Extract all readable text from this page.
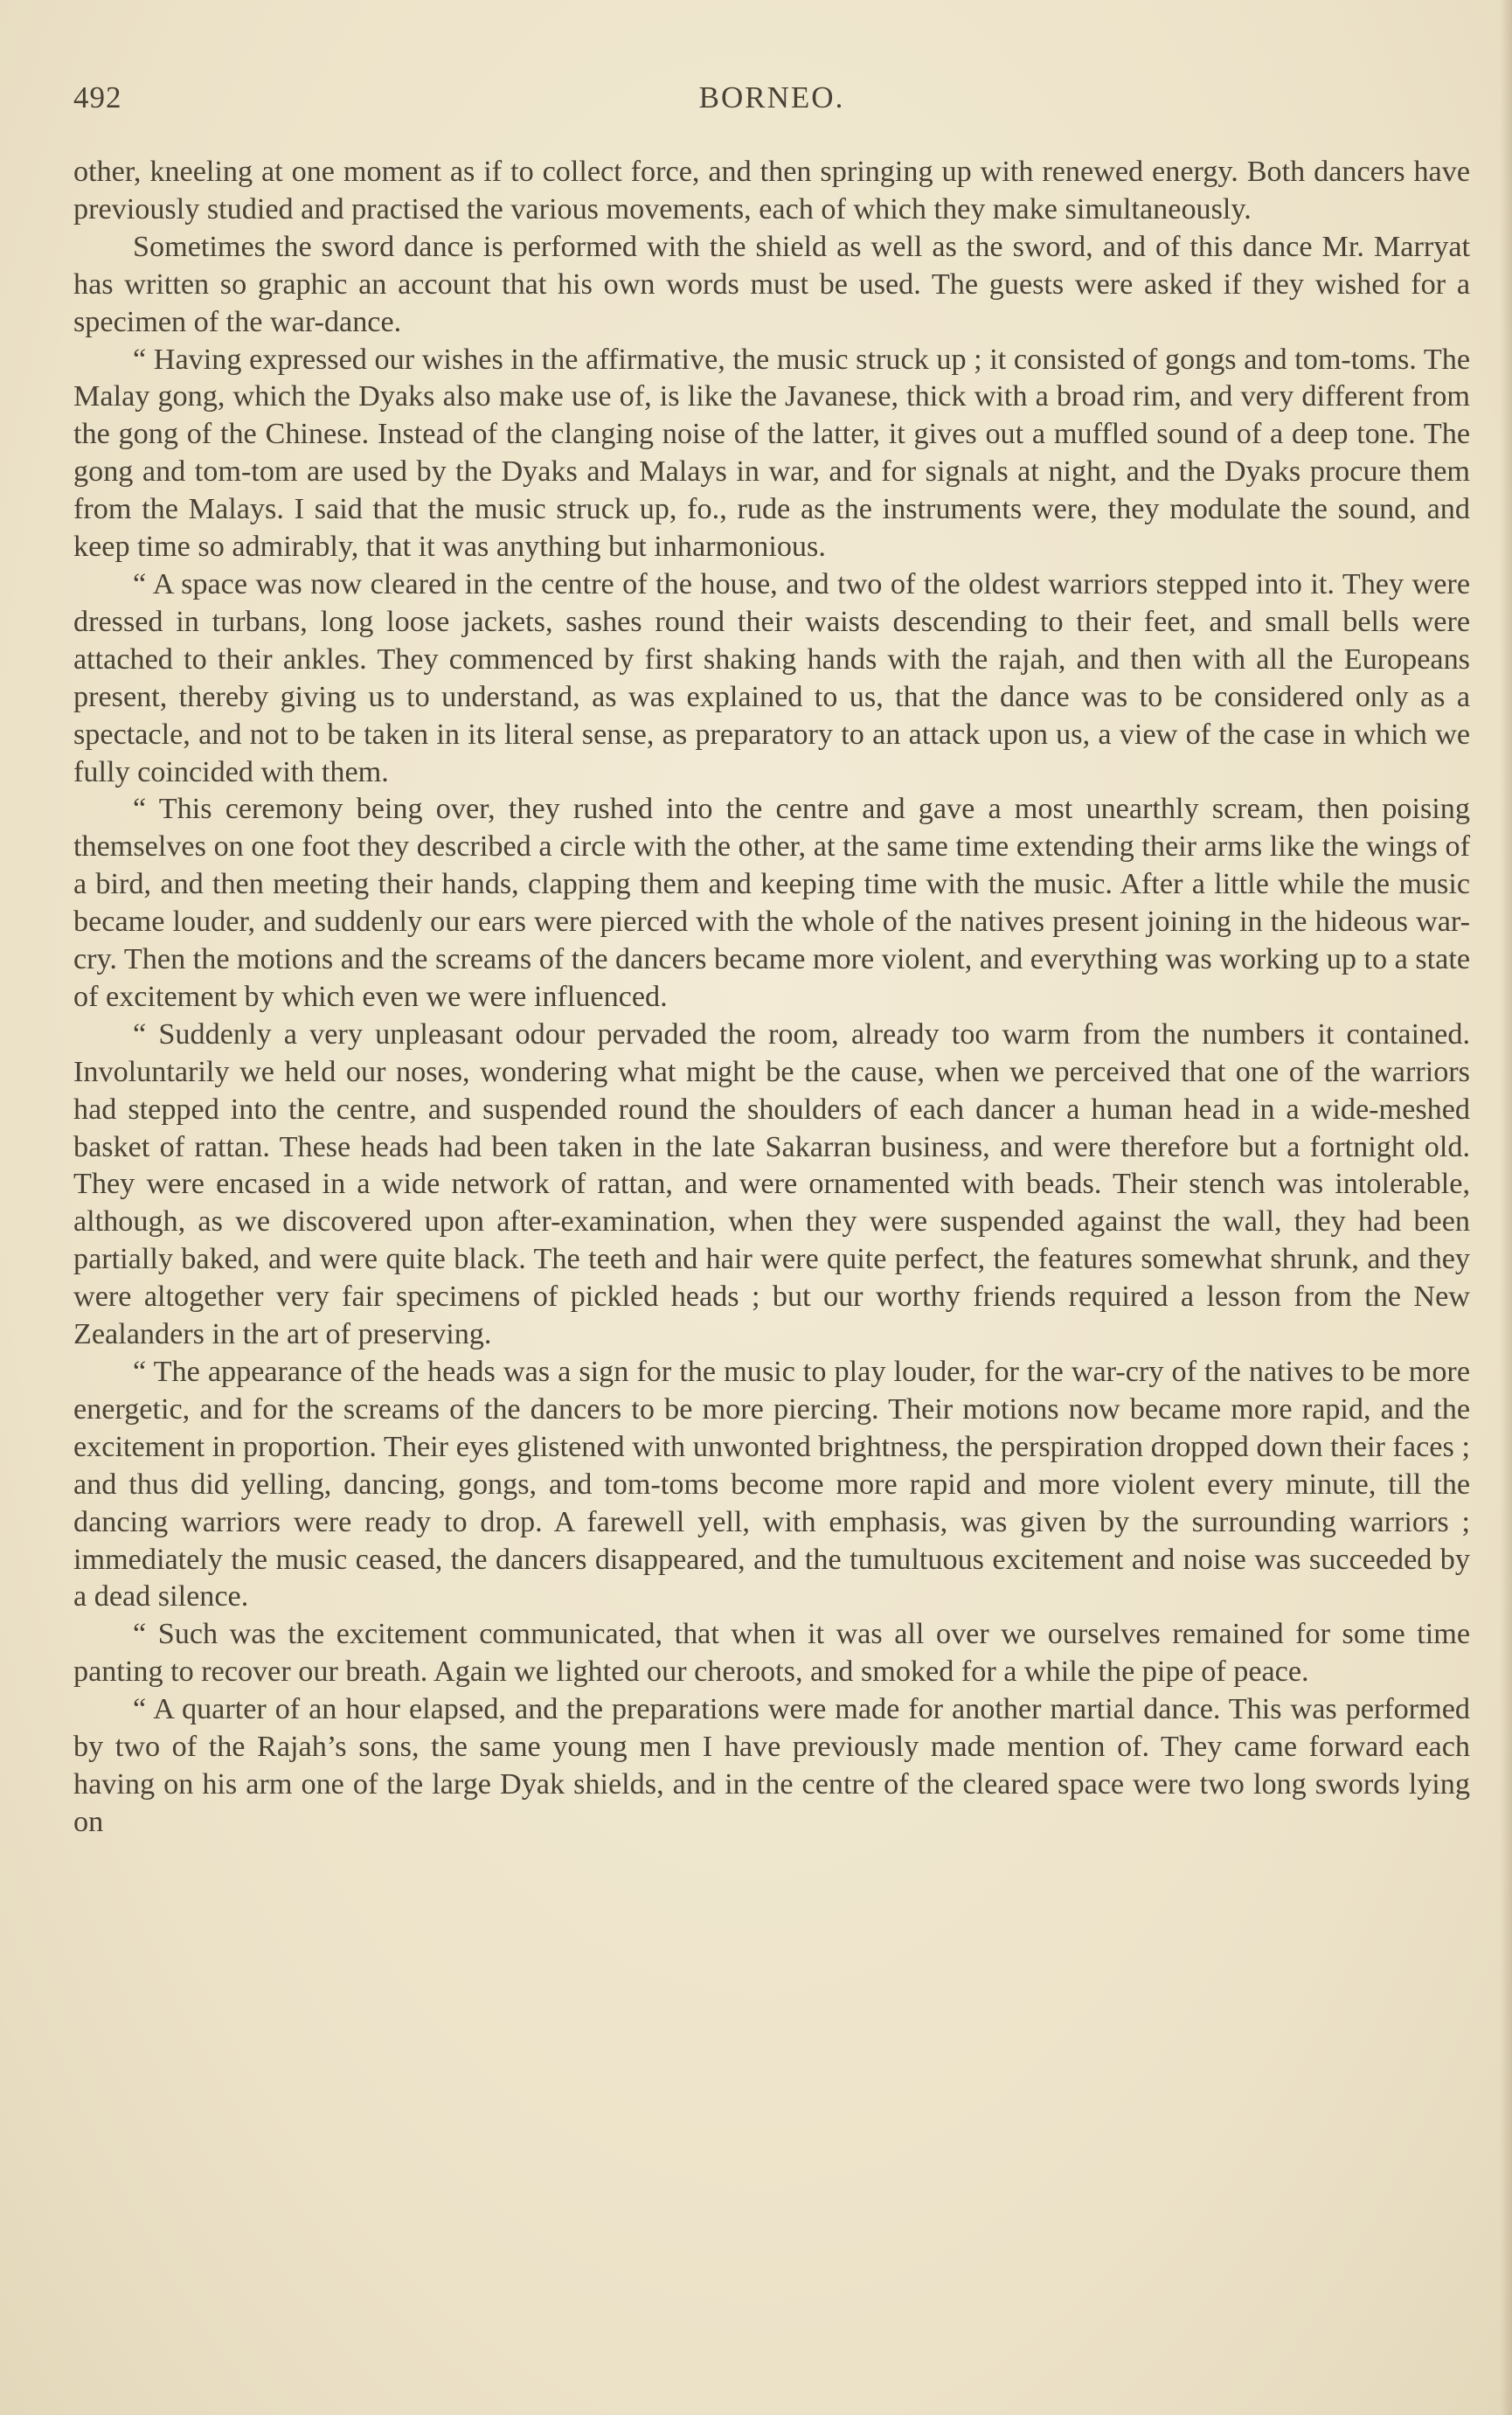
492	BORNEO.

other, kneeling at one moment as if to collect force, and then springing up with renewed energy. Both dancers have previously studied and practised the various movements, each of which they make simultaneously.

Sometimes the sword dance is performed with the shield as well as the sword, and of this dance Mr. Marryat has written so graphic an account that his own words must be used. The guests were asked if they wished for a specimen of the war-dance.

“ Having expressed our wishes in the affirmative, the music struck up ; it consisted of gongs and tom-toms. The Malay gong, which the Dyaks also make use of, is like the Javanese, thick with a broad rim, and very different from the gong of the Chinese. Instead of the clanging noise of the latter, it gives out a muffled sound of a deep tone. The gong and tom-tom are used by the Dyaks and Malays in war, and for signals at night, and the Dyaks procure them from the Malays. I said that the music struck up, fo., rude as the instruments were, they modulate the sound, and keep time so admirably, that it was anything but inharmonious.

“ A space was now cleared in the centre of the house, and two of the oldest warriors stepped into it. They were dressed in turbans, long loose jackets, sashes round their waists descending to their feet, and small bells were attached to their ankles. They commenced by first shaking hands with the rajah, and then with all the Europeans present, thereby giving us to understand, as was explained to us, that the dance was to be considered only as a spectacle, and not to be taken in its literal sense, as preparatory to an attack upon us, a view of the case in which we fully coincided with them.

“ This ceremony being over, they rushed into the centre and gave a most unearthly scream, then poising themselves on one foot they described a circle with the other, at the same time extending their arms like the wings of a bird, and then meeting their hands, clapping them and keeping time with the music. After a little while the music became louder, and suddenly our ears were pierced with the whole of the natives present joining in the hideous war-cry. Then the motions and the screams of the dancers became more violent, and everything was working up to a state of excitement by which even we were influenced.

“ Suddenly a very unpleasant odour pervaded the room, already too warm from the numbers it contained. Involuntarily we held our noses, wondering what might be the cause, when we perceived that one of the warriors had stepped into the centre, and suspended round the shoulders of each dancer a human head in a wide-meshed basket of rattan. These heads had been taken in the late Sakarran business, and were therefore but a fortnight old. They were encased in a wide network of rattan, and were ornamented with beads. Their stench was intolerable, although, as we discovered upon after-examination, when they were suspended against the wall, they had been partially baked, and were quite black. The teeth and hair were quite perfect, the features somewhat shrunk, and they were altogether very fair specimens of pickled heads ; but our worthy friends required a lesson from the New Zealanders in the art of preserving.

“ The appearance of the heads was a sign for the music to play louder, for the war-cry of the natives to be more energetic, and for the screams of the dancers to be more piercing. Their motions now became more rapid, and the excitement in proportion. Their eyes glistened with unwonted brightness, the perspiration dropped down their faces ; and thus did yelling, dancing, gongs, and tom-toms become more rapid and more violent every minute, till the dancing warriors were ready to drop. A farewell yell, with emphasis, was given by the surrounding warriors ; immediately the music ceased, the dancers disappeared, and the tumultuous excitement and noise was succeeded by a dead silence.

“ Such was the excitement communicated, that when it was all over we ourselves remained for some time panting to recover our breath. Again we lighted our cheroots, and smoked for a while the pipe of peace.

“ A quarter of an hour elapsed, and the preparations were made for another martial dance. This was performed by two of the Rajah’s sons, the same young men I have previously made mention of. They came forward each having on his arm one of the large Dyak shields, and in the centre of the cleared space were two long swords lying on
